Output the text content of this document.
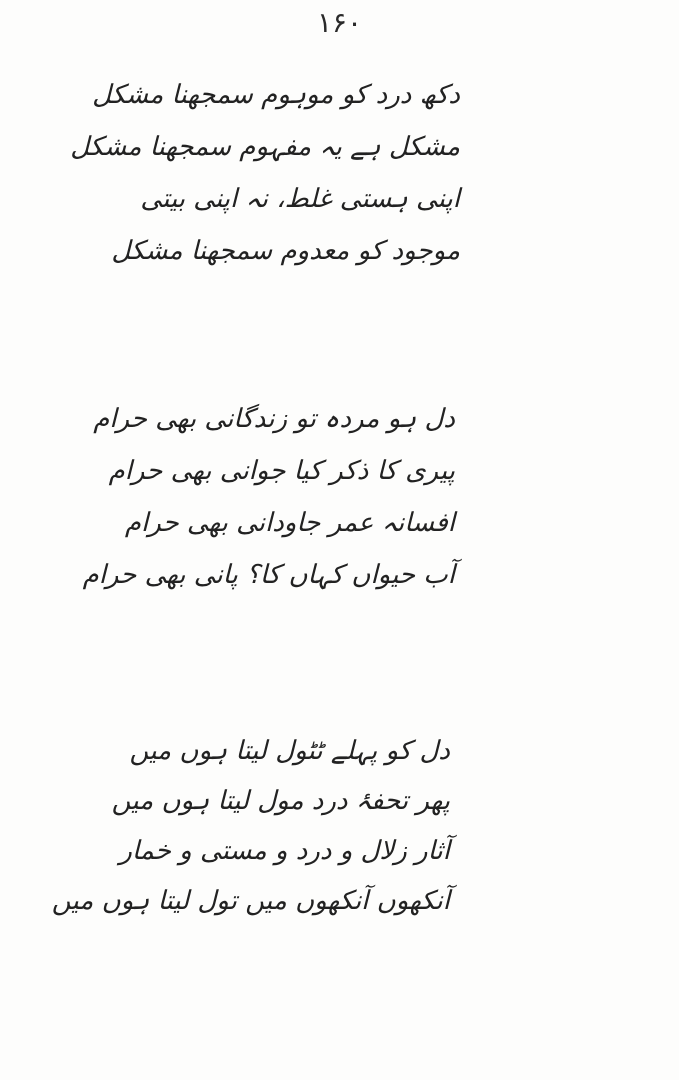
۱۶۰
دکھ درد کو موہوم سمجھنا مشکل
مشکل ہے یہ مفہوم سمجھنا مشکل
اپنی ہستی غلط، نہ اپنی بیتی
موجود کو معدوم سمجھنا مشکل
دل ہو مردہ تو زندگانی بھی حرام
پیری کا ذکر کیا جوانی بھی حرام
افسانہ عمر جاودانی بھی حرام
آب حیواں کہاں کا؟ پانی بھی حرام
دل کو پہلے ٹٹول لیتا ہوں میں
پھر تحفۂ درد مول لیتا ہوں میں
آثار زلال و درد و مستی و خمار
آنکھوں آنکھوں میں تول لیتا ہوں میں
